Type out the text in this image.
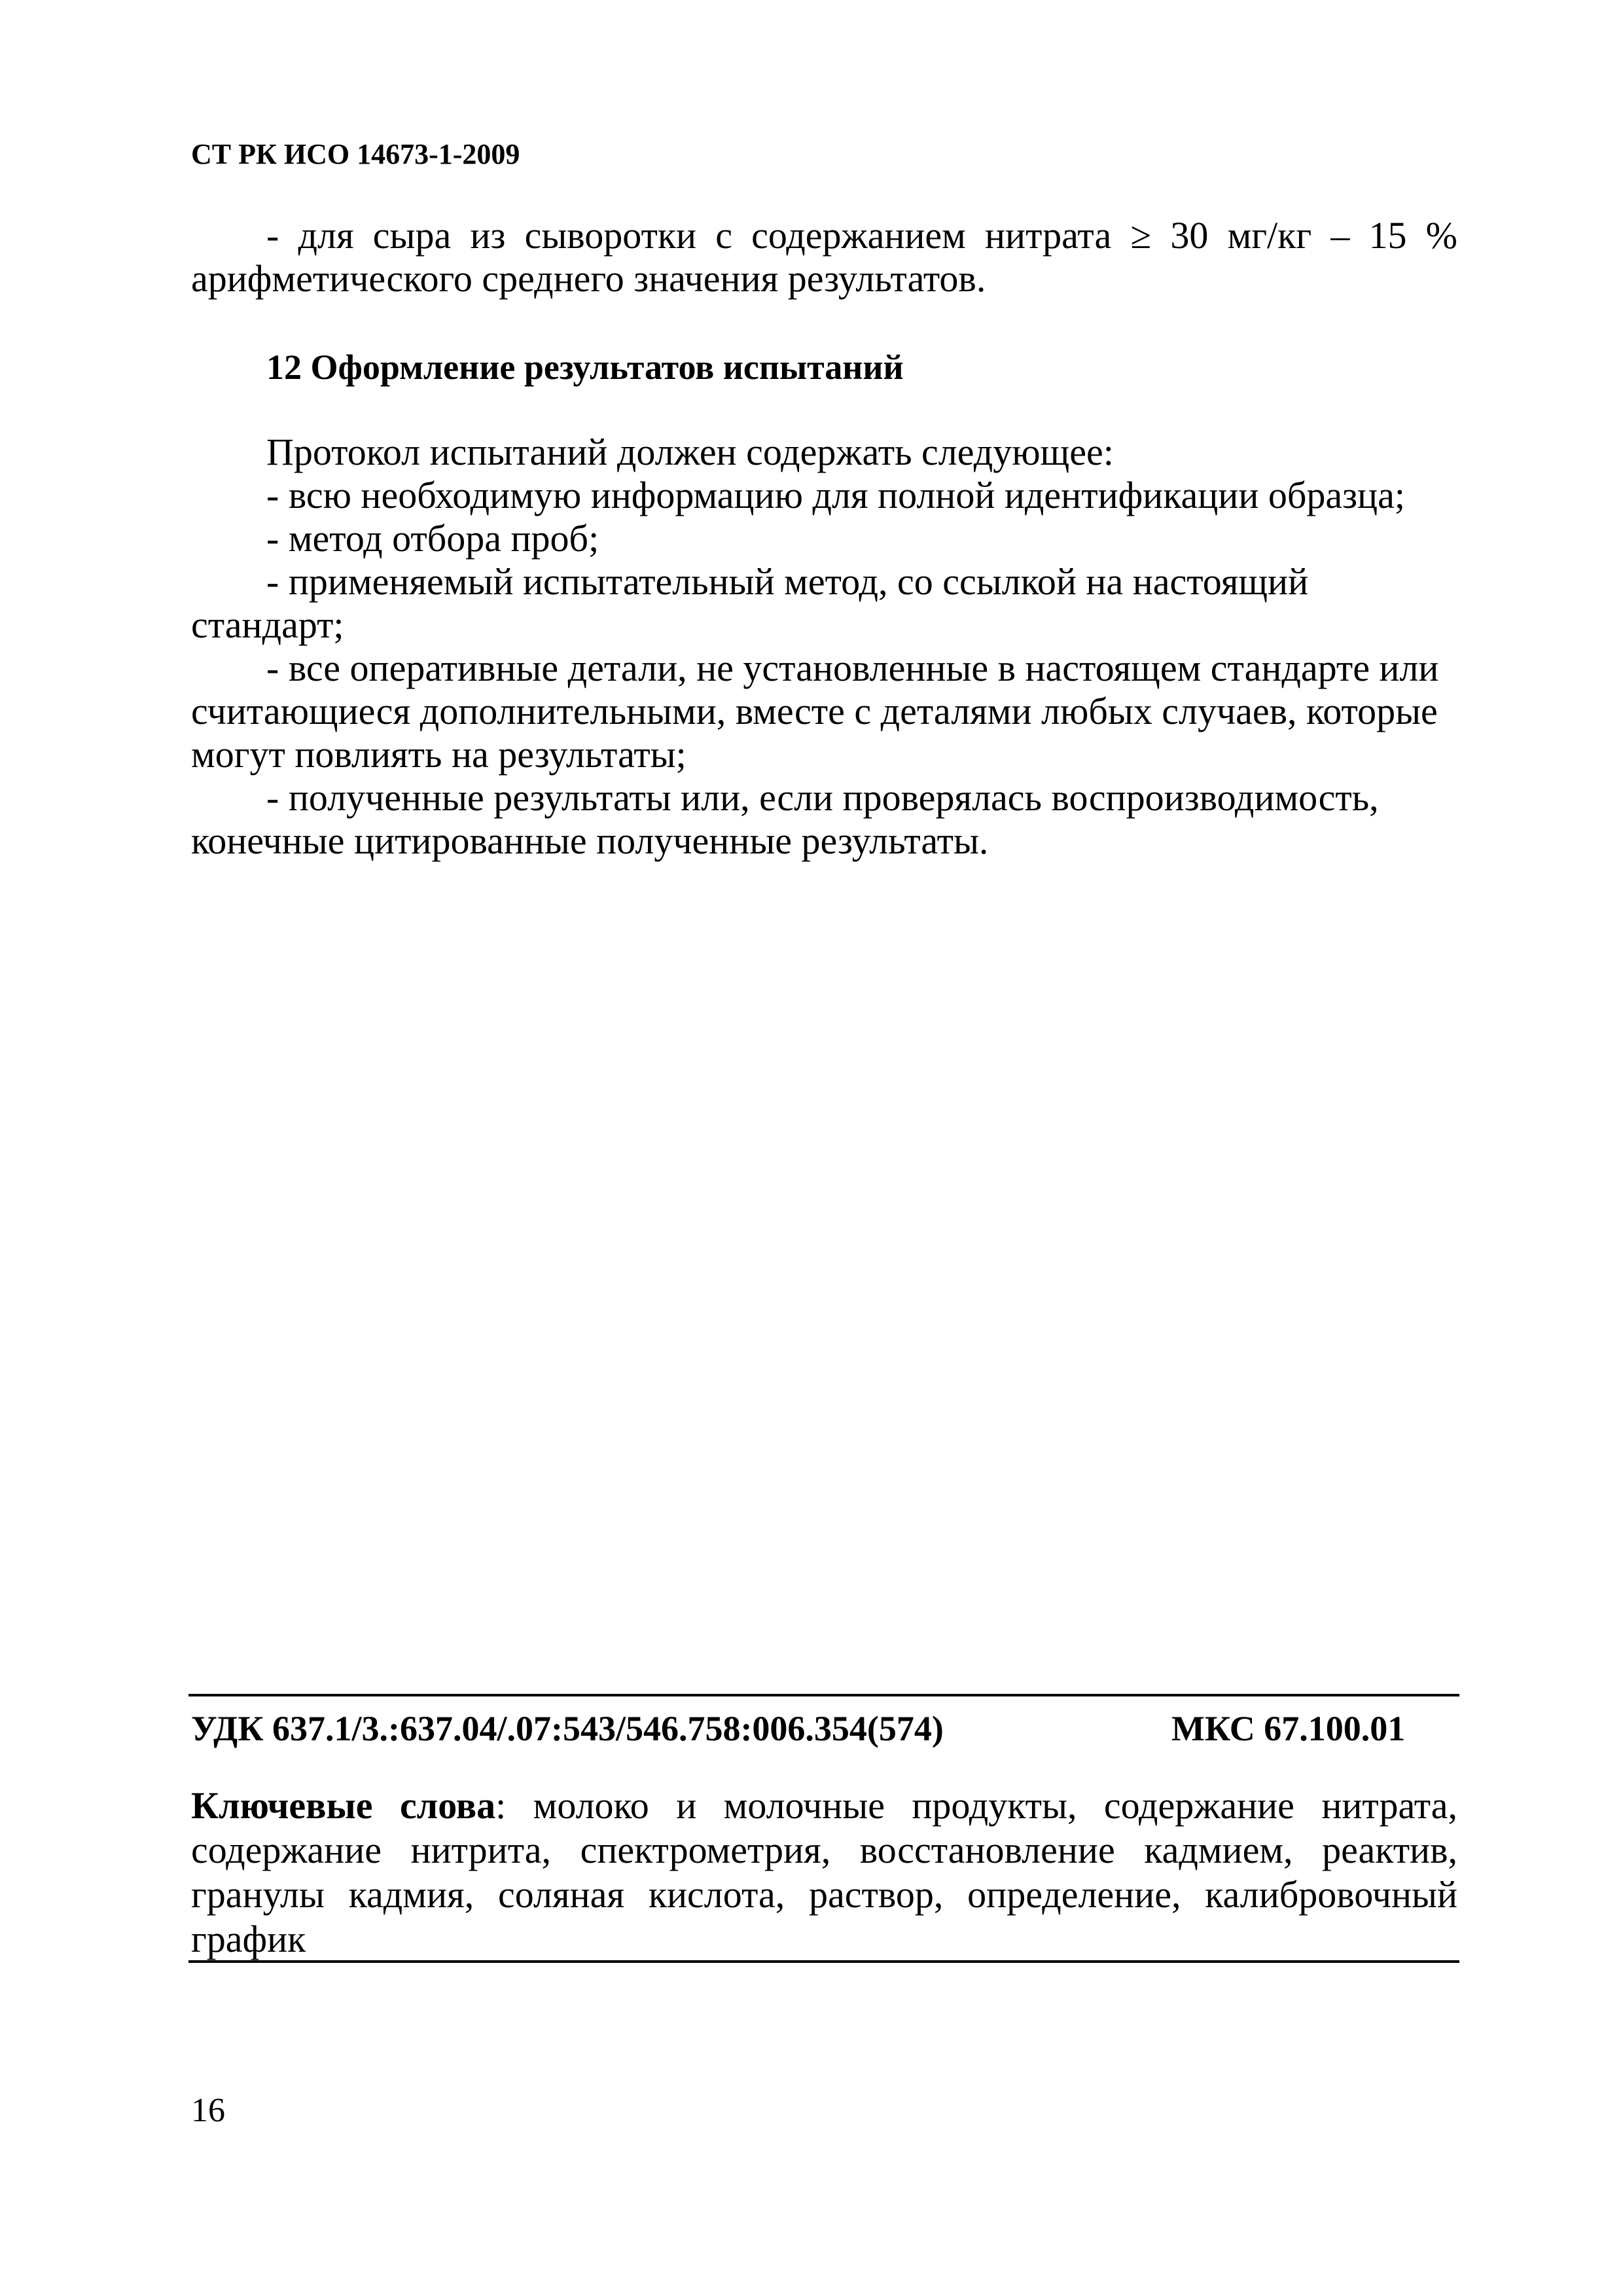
СТ РК ИСО 14673-1-2009
- для сыра из сыворотки с содержанием нитрата ≥ 30 мг/кг – 15 %
арифметического среднего значения результатов.
12 Оформление результатов испытаний
Протокол испытаний должен содержать следующее:
- всю необходимую информацию для полной идентификации образца;
- метод отбора проб;
- применяемый испытательный метод, со ссылкой на настоящий
стандарт;
- все оперативные детали, не установленные в настоящем стандарте или
считающиеся дополнительными, вместе с деталями любых случаев, которые
могут повлиять на результаты;
- полученные результаты или, если проверялась воспроизводимость,
конечные цитированные полученные результаты.
УДК 637.1/3.:637.04/.07:543/546.758:006.354(574)	МКС 67.100.01
Ключевые слова: молоко и молочные продукты, содержание нитрата,
содержание нитрита, спектрометрия, восстановление кадмием, реактив,
гранулы кадмия, соляная кислота, раствор, определение, калибровочный
график
16
